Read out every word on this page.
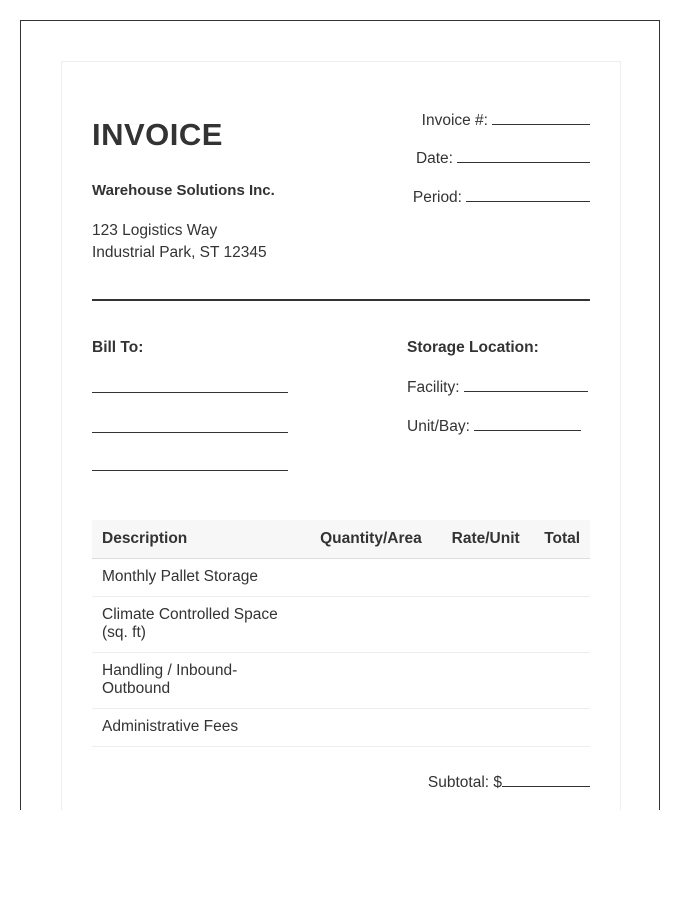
INVOICE
Warehouse Solutions Inc.
123 Logistics Way
Industrial Park, ST 12345
Invoice #:
Date:
Period:
Bill To:	Storage Location:
Facility:
Unit/Bay:
Description	Quantity/Area	Rate/Unit	Total
Monthly Pallet Storage			
Climate Controlled Space (sq. ft)			
Handling / Inbound-Outbound			
Administrative Fees			
Subtotal: $
